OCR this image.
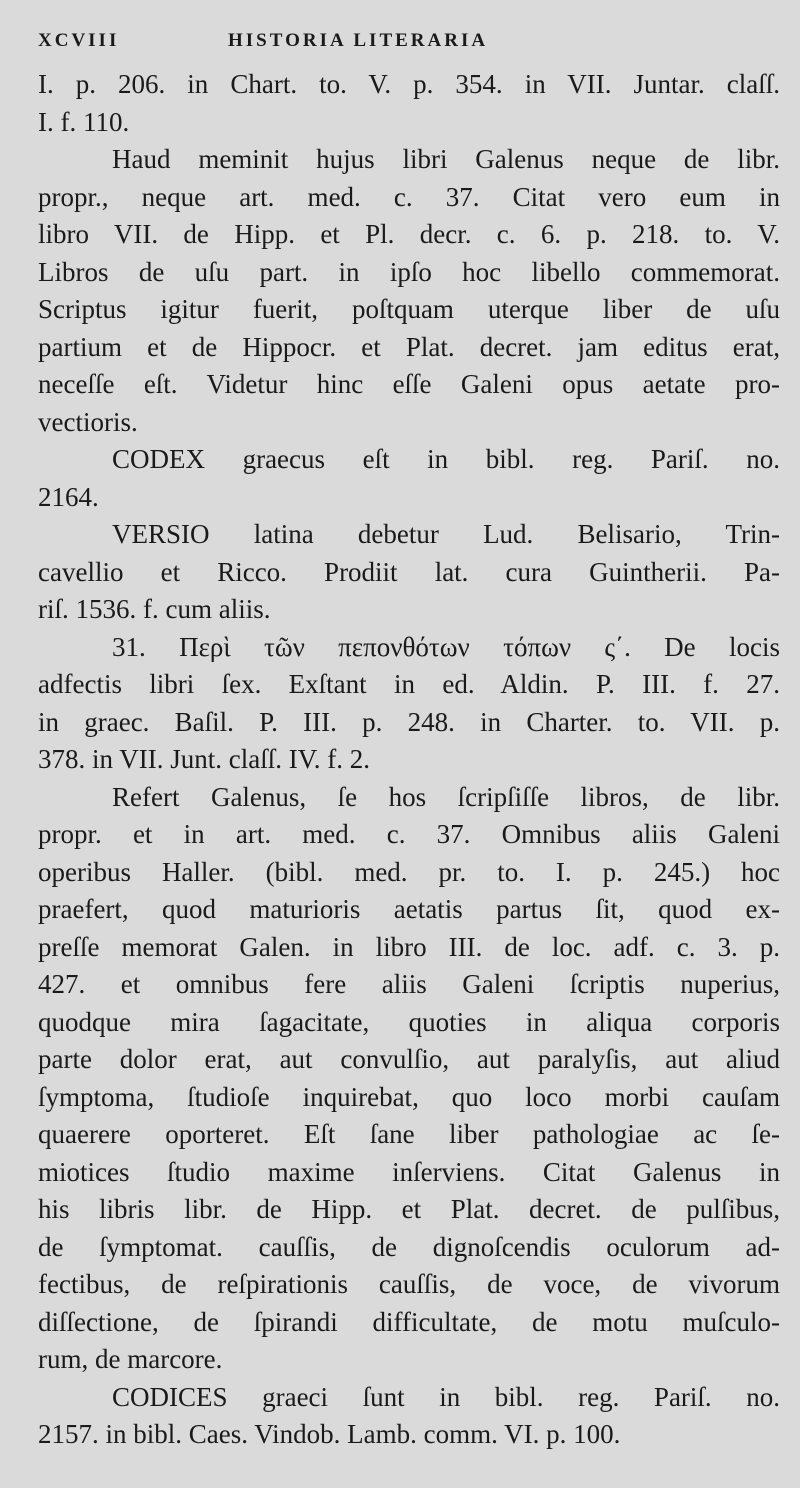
XCVIII	HISTORIA LITERARIA
I. p. 206. in Chart. to. V. p. 354. in VII. Juntar. claſſ.
I. f. 110.
Haud meminit hujus libri Galenus neque de libr.
propr., neque art. med. c. 37. Citat vero eum in
libro VII. de Hipp. et Pl. decr. c. 6. p. 218. to. V.
Libros de uſu part. in ipſo hoc libello commemorat.
Scriptus igitur fuerit, poſtquam uterque liber de uſu
partium et de Hippocr. et Plat. decret. jam editus erat,
neceſſe eſt. Videtur hinc eſſe Galeni opus aetate pro-
vectioris.
CODEX graecus eſt in bibl. reg. Pariſ. no.
2164.
VERSIO latina debetur Lud. Belisario, Trin-
cavellio et Ricco. Prodiit lat. cura Guintherii. Pa-
riſ. 1536. f. cum aliis.
31. Περὶ τῶν πεπονθότων τόπων ς΄. De locis
adfectis libri ſex. Exſtant in ed. Aldin. P. III. f. 27.
in graec. Baſil. P. III. p. 248. in Charter. to. VII. p.
378. in VII. Junt. claſſ. IV. f. 2.
Refert Galenus, ſe hos ſcripſiſſe libros, de libr.
propr. et in art. med. c. 37. Omnibus aliis Galeni
operibus Haller. (bibl. med. pr. to. I. p. 245.) hoc
praefert, quod maturioris aetatis partus ſit, quod ex-
preſſe memorat Galen. in libro III. de loc. adf. c. 3. p.
427. et omnibus fere aliis Galeni ſcriptis nuperius,
quodque mira ſagacitate, quoties in aliqua corporis
parte dolor erat, aut convulſio, aut paralyſis, aut aliud
ſymptoma, ſtudioſe inquirebat, quo loco morbi cauſam
quaerere oporteret. Eſt ſane liber pathologiae ac ſe-
miotices ſtudio maxime inſerviens. Citat Galenus in
his libris libr. de Hipp. et Plat. decret. de pulſibus,
de ſymptomat. cauſſis, de dignoſcendis oculorum ad-
fectibus, de reſpirationis cauſſis, de voce, de vivorum
diſſectione, de ſpirandi difficultate, de motu muſculo-
rum, de marcore.
CODICES graeci ſunt in bibl. reg. Pariſ. no.
2157. in bibl. Caes. Vindob. Lamb. comm. VI. p. 100.
